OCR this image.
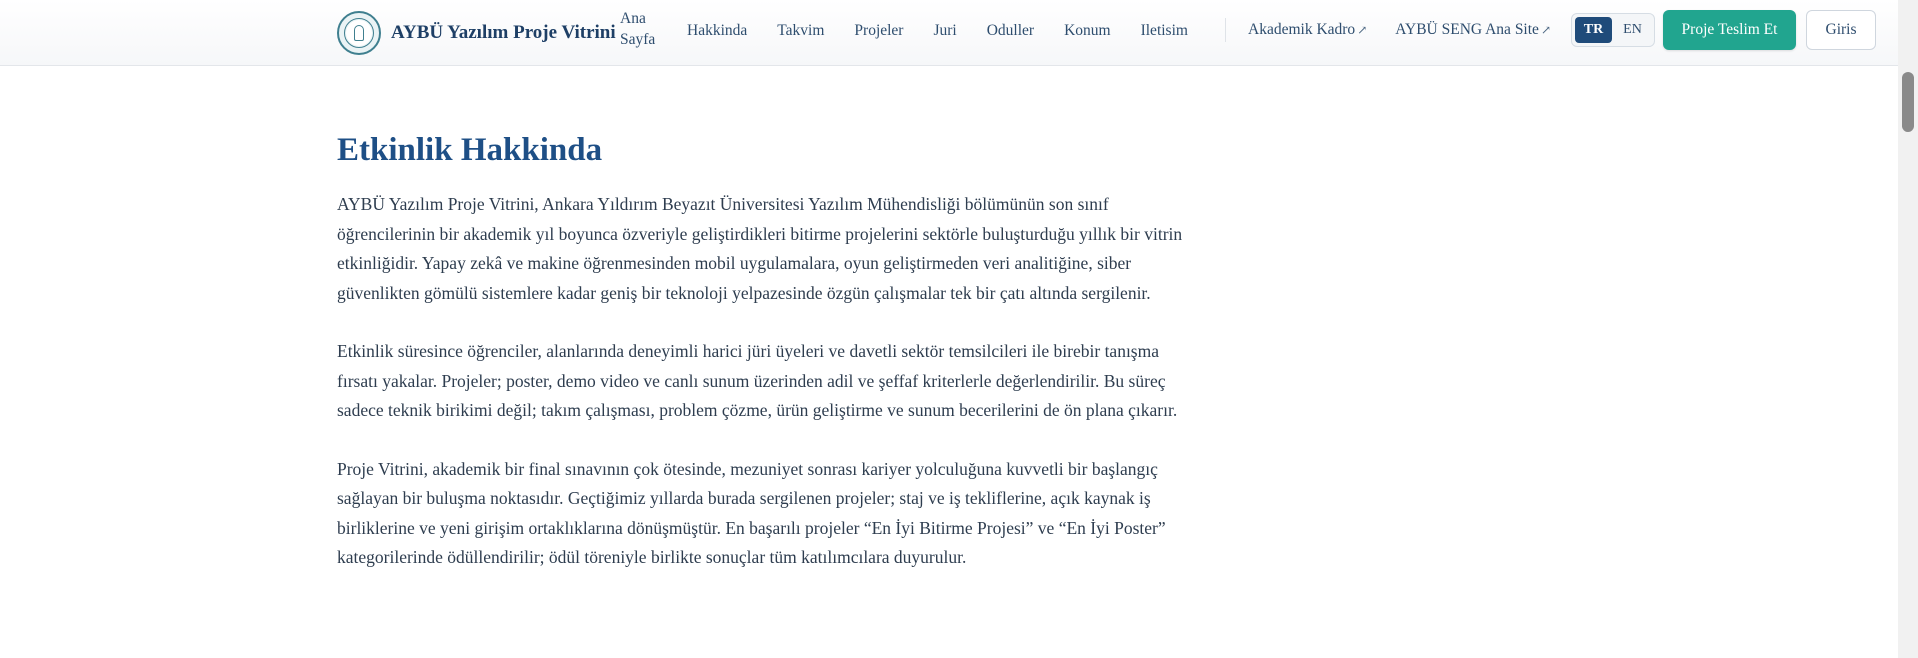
AYBÜ Yazılım Proje Vitrini
Ana Sayfa
Hakkinda Takvim Projeler Juri Oduller Konum Iletisim	Akademik Kadro ↗ AYBÜ SENG Ana Site ↗	TR	EN	Proje Teslim Et	Giris
Etkinlik Hakkinda

AYBÜ Yazılım Proje Vitrini, Ankara Yıldırım Beyazıt Üniversitesi Yazılım Mühendisliği bölümünün son sınıf öğrencilerinin bir akademik yıl boyunca özveriyle geliştirdikleri bitirme projelerini sektörle buluşturduğu yıllık bir vitrin etkinliğidir. Yapay zekâ ve makine öğrenmesinden mobil uygulamalara, oyun geliştirmeden veri analitiğine, siber güvenlikten gömülü sistemlere kadar geniş bir teknoloji yelpazesinde özgün çalışmalar tek bir çatı altında sergilenir.

Etkinlik süresince öğrenciler, alanlarında deneyimli harici jüri üyeleri ve davetli sektör temsilcileri ile birebir tanışma fırsatı yakalar. Projeler; poster, demo video ve canlı sunum üzerinden adil ve şeffaf kriterlerle değerlendirilir. Bu süreç sadece teknik birikimi değil; takım çalışması, problem çözme, ürün geliştirme ve sunum becerilerini de ön plana çıkarır.

Proje Vitrini, akademik bir final sınavının çok ötesinde, mezuniyet sonrası kariyer yolculuğuna kuvvetli bir başlangıç sağlayan bir buluşma noktasıdır. Geçtiğimiz yıllarda burada sergilenen projeler; staj ve iş tekliflerine, açık kaynak iş birliklerine ve yeni girişim ortaklıklarına dönüşmüştür. En başarılı projeler “En İyi Bitirme Projesi” ve “En İyi Poster” kategorilerinde ödüllendirilir; ödül töreniyle birlikte sonuçlar tüm katılımcılara duyurulur.
